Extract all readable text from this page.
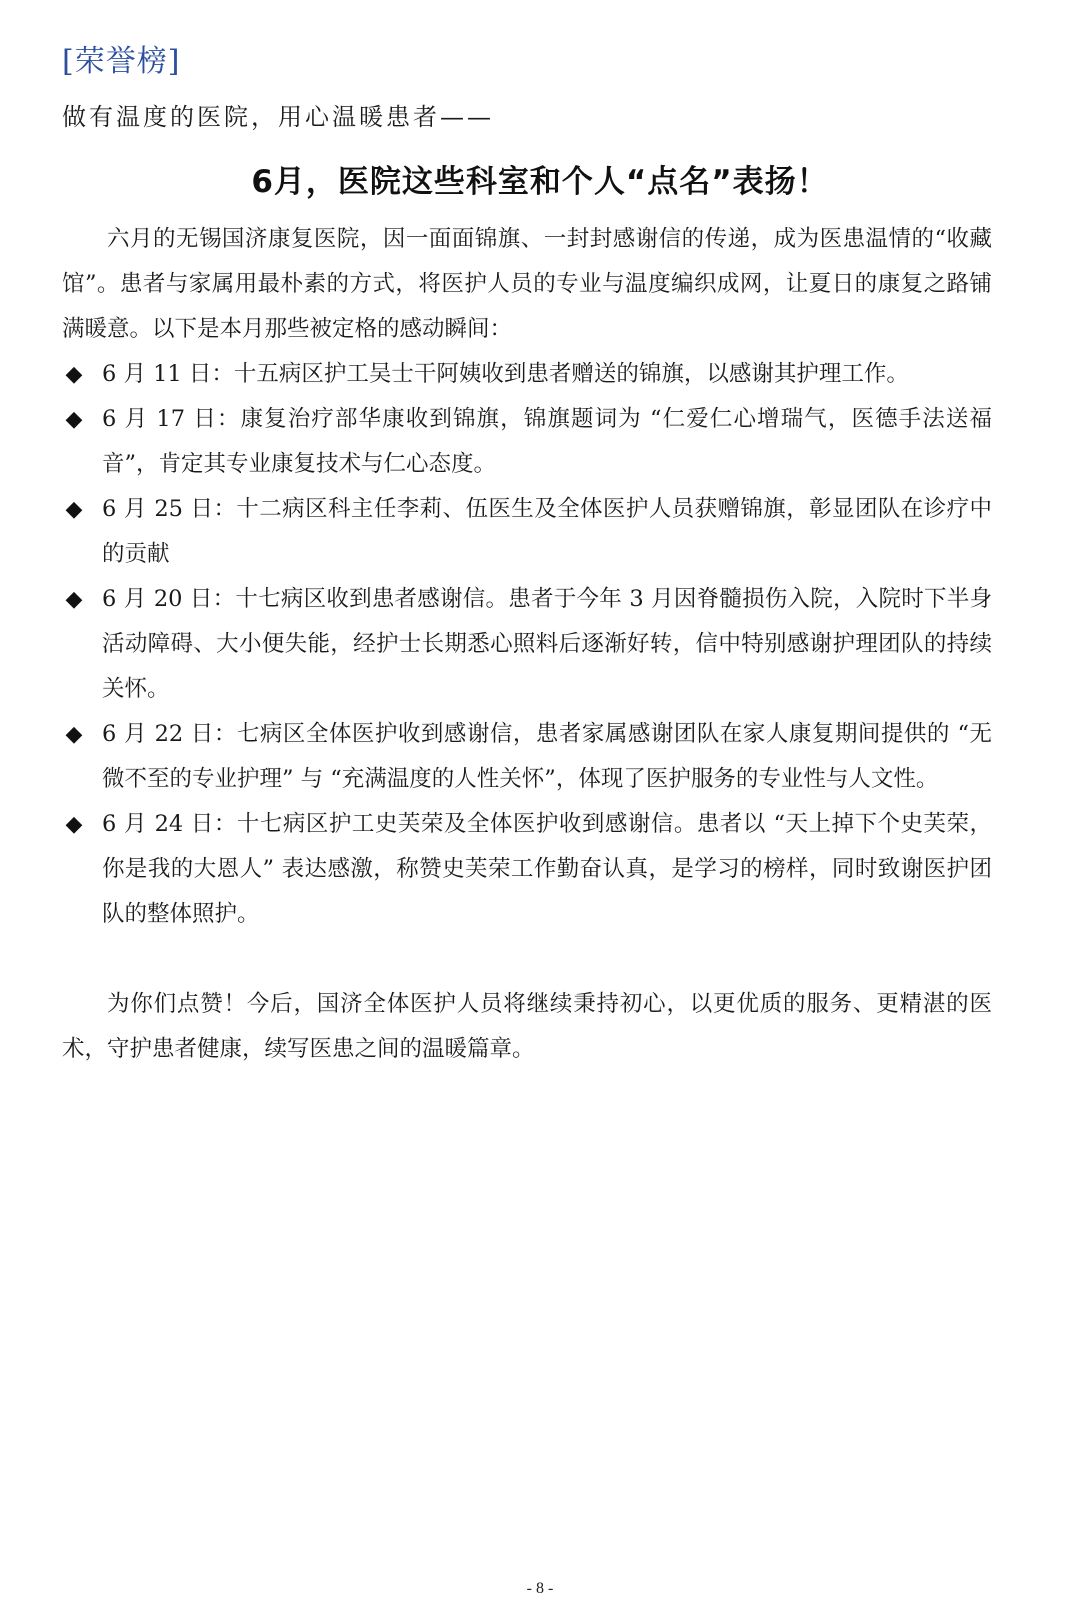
[荣誉榜]
做有温度的医院，用心温暖患者——
6月，医院这些科室和个人“点名”表扬！

六月的无锡国济康复医院，因一面面锦旗、一封封感谢信的传递，成为医患温情的“收藏馆”。患者与家属用最朴素的方式，将医护人员的专业与温度编织成网，让夏日的康复之路铺满暖意。以下是本月那些被定格的感动瞬间：

◆ 6 月 11 日：十五病区护工吴士干阿姨收到患者赠送的锦旗，以感谢其护理工作。
◆ 6 月 17 日：康复治疗部华康收到锦旗，锦旗题词为 “仁爱仁心增瑞气，医德手法送福音”，肯定其专业康复技术与仁心态度。
◆ 6 月 25 日：十二病区科主任李莉、伍医生及全体医护人员获赠锦旗，彰显团队在诊疗中的贡献
◆ 6 月 20 日：十七病区收到患者感谢信。患者于今年 3 月因脊髓损伤入院，入院时下半身活动障碍、大小便失能，经护士长期悉心照料后逐渐好转，信中特别感谢护理团队的持续关怀。
◆ 6 月 22 日：七病区全体医护收到感谢信，患者家属感谢团队在家人康复期间提供的 “无微不至的专业护理” 与 “充满温度的人性关怀”，体现了医护服务的专业性与人文性。
◆ 6 月 24 日：十七病区护工史芙荣及全体医护收到感谢信。患者以 “天上掉下个史芙荣，你是我的大恩人” 表达感激，称赞史芙荣工作勤奋认真，是学习的榜样，同时致谢医护团队的整体照护。

为你们点赞！今后，国济全体医护人员将继续秉持初心，以更优质的服务、更精湛的医术，守护患者健康，续写医患之间的温暖篇章。

- 8 -
